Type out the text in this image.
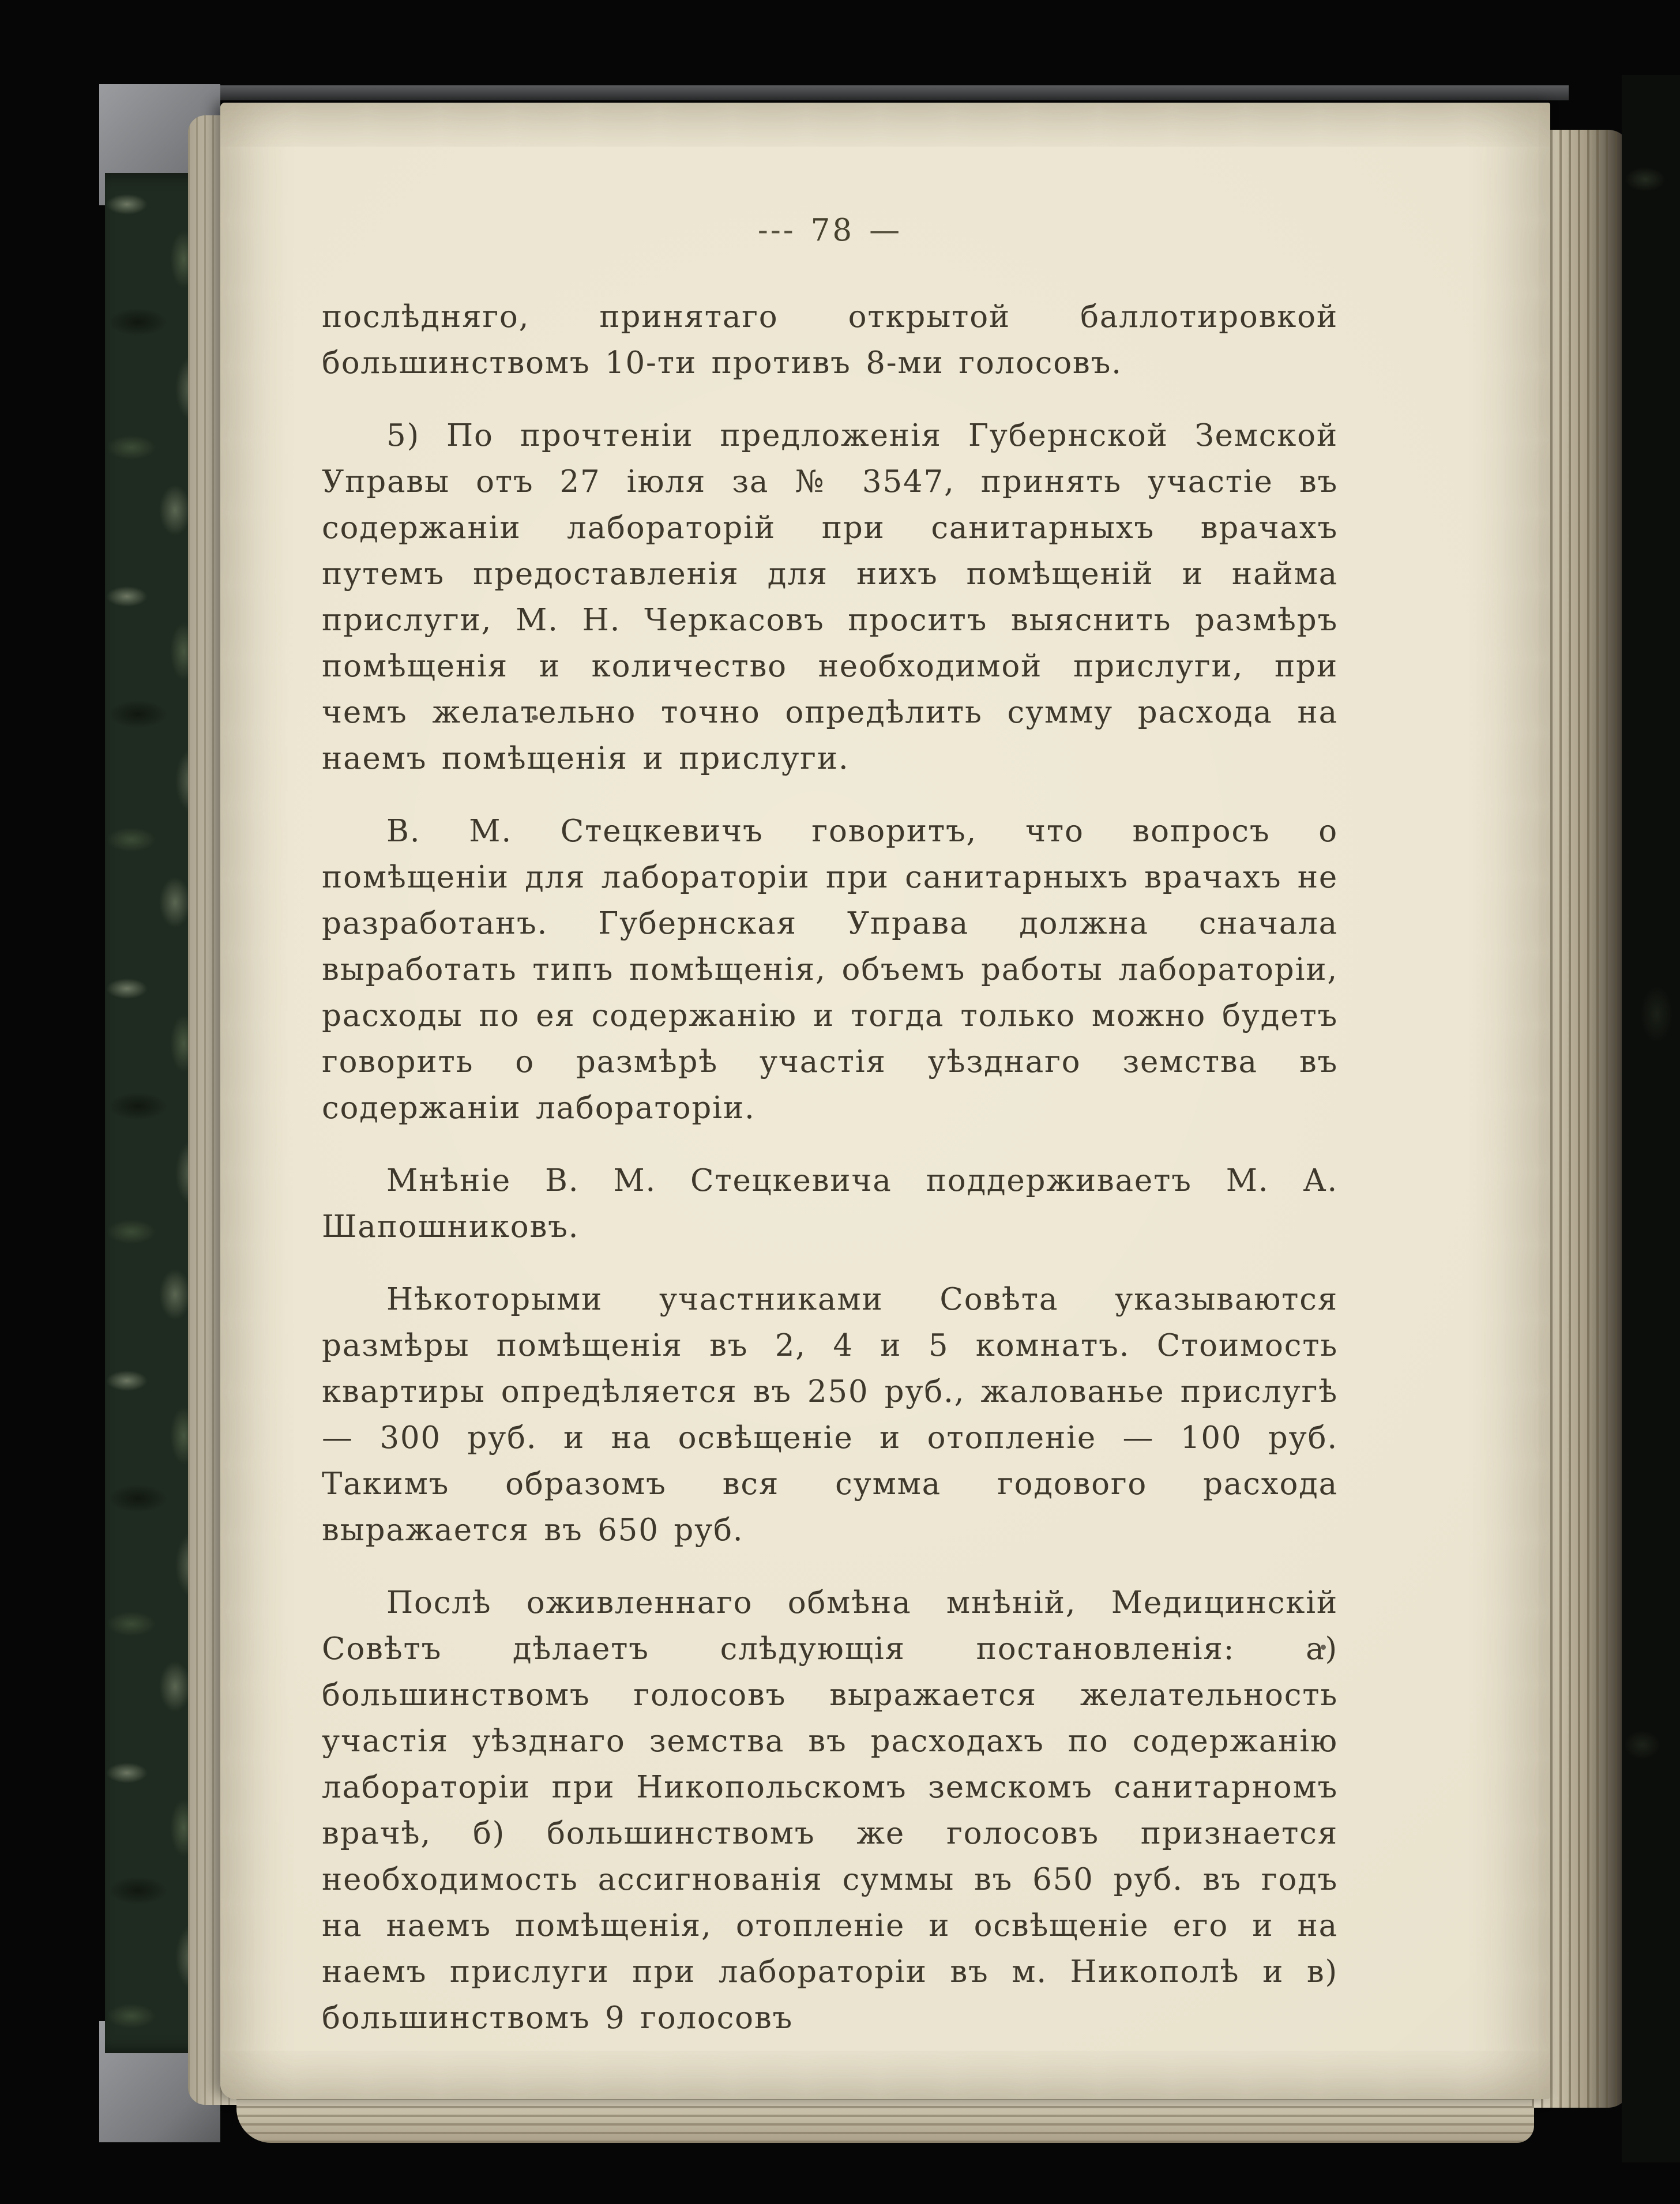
--- 78 —

послѣдняго, принятаго открытой баллотировкой большинствомъ 10-ти противъ 8-ми голосовъ.

5) По прочтеніи предложенія Губернской Земской Управы отъ 27 іюля за № 3547, принять участіе въ содержаніи лабораторій при санитарныхъ врачахъ путемъ предоставленія для нихъ помѣщеній и найма прислуги, М. Н. Черкасовъ проситъ выяснить размѣръ помѣщенія и количество необходимой прислуги, при чемъ желательно точно опредѣлить сумму расхода на наемъ помѣщенія и прислуги.

В. М. Стецкевичъ говоритъ, что вопросъ о помѣщеніи для лабораторіи при санитарныхъ врачахъ не разработанъ. Губернская Управа должна сначала выработать типъ помѣщенія, объемъ работы лабораторіи, расходы по ея содержанію и тогда только можно будетъ говорить о размѣрѣ участія уѣзднаго земства въ содержаніи лабораторіи.

Мнѣніе В. М. Стецкевича поддерживаетъ М. А. Шапошниковъ.

Нѣкоторыми участниками Совѣта указываются размѣры помѣщенія въ 2, 4 и 5 комнатъ. Стоимость квартиры опредѣляется въ 250 руб., жалованье прислугѣ — 300 руб. и на освѣщеніе и отопленіе — 100 руб. Такимъ образомъ вся сумма годового расхода выражается въ 650 руб.

Послѣ оживленнаго обмѣна мнѣній, Медицинскій Совѣтъ дѣлаетъ слѣдующія постановленія: а) большинствомъ голосовъ выражается желательность участія уѣзднаго земства въ расходахъ по содержанію лабораторіи при Никопольскомъ земскомъ санитарномъ врачѣ, б) большинствомъ же голосовъ признается необходимость ассигнованія суммы въ 650 руб. въ годъ на наемъ помѣщенія, отопленіе и освѣщеніе его и на наемъ прислуги при лабораторіи въ м. Никополѣ и в) большинствомъ 9 голосовъ
